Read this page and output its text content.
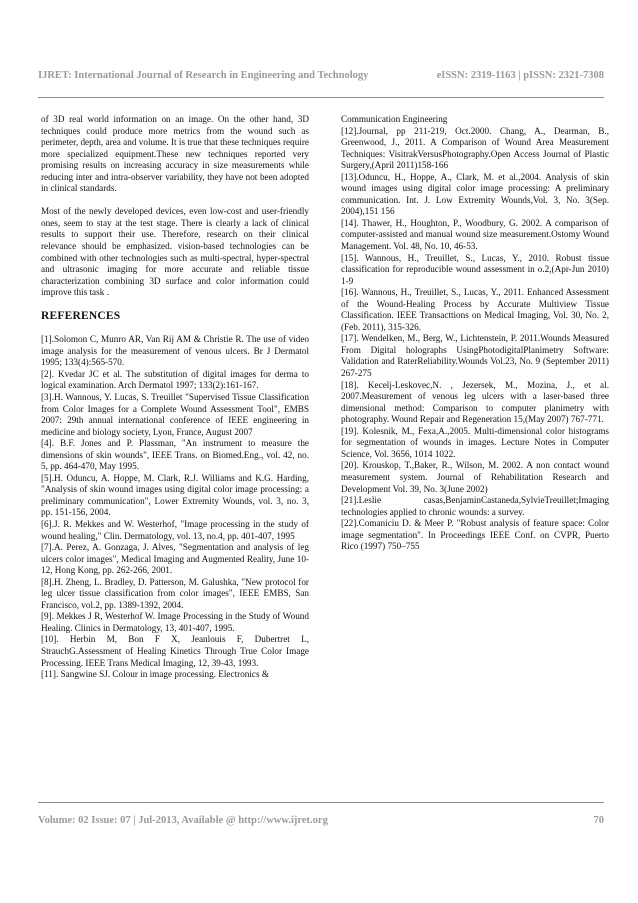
IJRET: International Journal of Research in Engineering and Technology	eISSN: 2319-1163 | pISSN: 2321-7308

of 3D real world information on an image. On the other hand, 3D techniques could produce more metrics from the wound such as perimeter, depth, area and volume. It is true that these techniques require more specialized equipment.These new techniques reported very promising results on increasing accuracy in size measurements while reducing inter and intra-observer variability, they have not been adopted in clinical standards.

Most of the newly developed devices, even low-cost and user-friendly ones, seem to stay at the test stage. There is clearly a lack of clinical results to support their use. Therefore, research on their clinical relevance should be emphasized. vision-based technologies can be combined with other technologies such as multi-spectral, hyper-spectral and ultrasonic imaging for more accurate and reliable tissue characterization combining 3D surface and color information could improve this task .

REFERENCES
[1].Solomon C, Munro AR, Van Rij AM & Christie R. The use of video image analysis for the measurement of venous ulcers. Br J Dermatol 1995; 133(4):565-570.
[2]. Kvedar JC et al. The substitution of digital images for derma to logical examination. Arch Dermatol 1997; 133(2):161-167.
[3].H. Wannous, Y. Lucas, S. Treuillet "Supervised Tissue Classification from Color Images for a Complete Wound Assessment Tool", EMBS 2007: 29th annual international conference of IEEE engineering in medicine and biology society, Lyon, France, August 2007
[4]. B.F. Jones and P. Plassman, "An instrument to measure the dimensions of skin wounds", IEEE Trans. on Biomed.Eng., vol. 42, no. 5, pp. 464-470, May 1995.
[5].H. Oduncu, A. Hoppe, M. Clark, R.J. Williams and K.G. Harding, "Analysis of skin wound images using digital color image processing: a preliminary communication", Lower Extremity Wounds, vol. 3, no. 3, pp. 151-156, 2004.
[6].J. R. Mekkes and W. Westerhof, "Image processing in the study of wound healing," Clin. Dermatology, vol. 13, no.4, pp. 401-407, 1995
[7].A. Perez, A. Gonzaga, J. Alves, "Segmentation and analysis of leg ulcers color images", Medical Imaging and Augmented Reality, June 10-12, Hong Kong, pp. 262-266, 2001.
[8].H. Zheng, L. Bradley, D. Patterson, M. Galushka, "New protocol for leg ulcer tissue classification from color images", IEEE EMBS, San Francisco, vol.2, pp. 1389-1392, 2004.
[9]. Mekkes J R, Westerhof W. Image Processing in the Study of Wound Healing. Clinics in Dermatology, 13, 401-407, 1995.
[10]. Herbin M, Bon F X, Jeanlouis F, Dubertret L, StrauchG.Assessment of Healing Kinetics Through True Color Image Processing. IEEE Trans Medical Imaging, 12, 39-43, 1993.
[11]. Sangwine SJ. Colour in image processing. Electronics &
Communication Engineering
[12].Journal, pp 211-219, Oct.2000. Chang, A., Dearman, B., Greenwood, J., 2011. A Comparison of Wound Area Measurement Techniques: VisitrakVersusPhotography.Open Access Journal of Plastic Surgery,(April 2011)158-166
[13].Oduncu, H., Hoppe, A., Clark, M. et al.,2004. Analysis of skin wound images using digital color image processing: A preliminary communication. Int. J. Low Extremity Wounds,Vol. 3, No. 3(Sep. 2004),151 156
[14]. Thawer, H., Houghton, P., Woodbury, G. 2002. A comparison of computer-assisted and manual wound size measurement.Ostomy Wound Management. Vol. 48, No. 10, 46-53.
[15]. Wannous, H., Treuillet, S., Lucas, Y., 2010. Robust tissue classification for reproducible wound assessment in o.2,(Apr-Jun 2010) 1-9
[16]. Wannous, H., Treuillet, S., Lucas, Y., 2011. Enhanced Assessment of the Wound-Healing Process by Accurate Multiview Tissue Classification. IEEE Transacttions on Medical Imaging, Vol. 30, No. 2, (Feb. 2011), 315-326.
[17]. Wendelken, M., Berg, W., Lichtenstein, P. 2011.Wounds Measured From Digital holographs UsingPhotodigitalPlanimetry Software: Validation and RaterReliability.Wounds Vol.23, No. 9 (September 2011) 267-275
[18]. Kecelj-Leskovec,N. , Jezersek, M., Mozina, J., et al. 2007.Measurement of venous leg ulcers with a laser-based three dimensional method: Comparison to computer planimetry with photography. Wound Repair and Regeneration 15,(May 2007) 767-771.
[19]. Kolesnik, M., Fexa,A.,2005. Multi-dimensional color histograms for segmentation of wounds in images. Lecture Notes in Computer Science, Vol. 3656, 1014 1022.
[20]. Krouskop, T.,Baker, R., Wilson, M. 2002. A non contact wound measurement system. Journal of Rehabilitation Research and Development Vol. 39, No. 3(June 2002)
[21].Leslie casas,BenjaminCastaneda,SylvieTreuillet;Imaging technologies applied to chronic wounds: a survey.
[22].Comaniciu D. & Meer P. "Robust analysis of feature space: Color image segmentation". In Proceedings IEEE Conf. on CVPR, Puerto Rico (1997) 750–755
Volume: 02 Issue: 07 | Jul-2013, Available @ http://www.ijret.org	70
